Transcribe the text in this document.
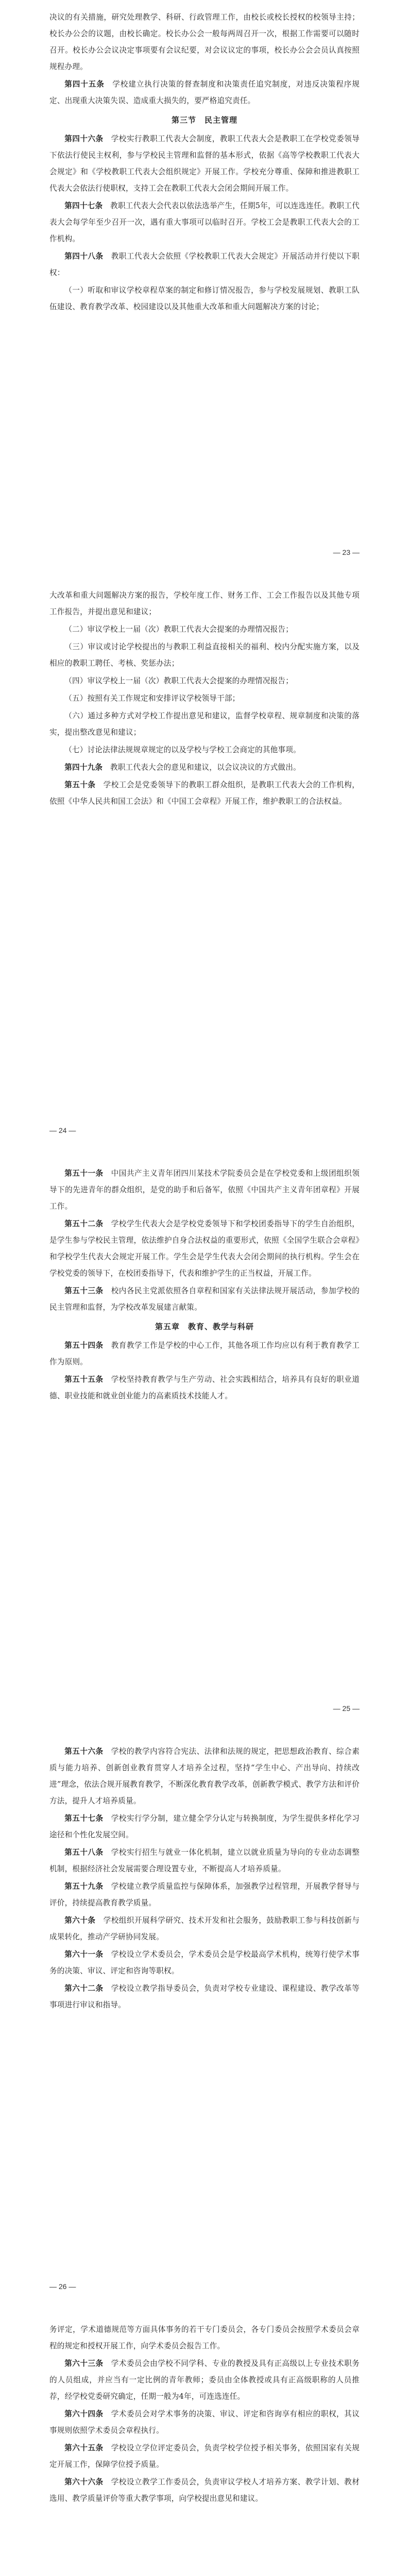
决议的有关措施，研究处理教学、科研、行政管理工作，由校长或校长授权的校领导主持；校长办公会的议题，由校长确定。校长办公会一般每两周召开一次，根据工作需要可以随时召开。校长办公会议决定事项要有会议纪要，对会议议定的事项，校长办公会会员认真按照规程办理。

第四十五条　 学校建立执行决策的督查制度和决策责任追究制度，对违反决策程序规定、出现重大决策失误、造成重大损失的，要严格追究责任。

第三节　民主管理

第四十六条　 学校实行教职工代表大会制度，教职工代表大会是教职工在学校党委领导下依法行使民主权利，参与学校民主管理和监督的基本形式，依据《高等学校教职工代表大会规定》和《学校教职工代表大会组织规定》开展工作。学校充分尊重、保障和推进教职工代表大会依法行使职权，支持工会在教职工代表大会闭会期间开展工作。

第四十七条　 教职工代表大会代表以依法选举产生，任期5年，可以连选连任。教职工代表大会每学年至少召开一次，遇有重大事项可以临时召开。学校工会是教职工代表大会的工作机构。

第四十八条　 教职工代表大会依照《学校教职工代表大会规定》开展活动并行使以下职权：

（一）听取和审议学校章程草案的制定和修订情况报告，参与学校发展规划、教职工队伍建设、教育教学改革、校园建设以及其他重大改革和重大问题解决方案的讨论；

— 23 —

大改革和重大问题解决方案的报告，学校年度工作、财务工作、工会工作报告以及其他专项工作报告，并提出意见和建议；

（二）审议学校上一届（次）教职工代表大会提案的办理情况报告；

（三）审议或讨论学校提出的与教职工利益直接相关的福利、校内分配实施方案，以及相应的教职工聘任、考核、奖惩办法；

（四）审议学校上一届（次）教职工代表大会提案的办理情况报告；

（五）按照有关工作规定和安排评议学校领导干部；

（六）通过多种方式对学校工作提出意见和建议，监督学校章程、规章制度和决策的落实，提出整改意见和建议；

（七）讨论法律法规规章规定的以及学校与学校工会商定的其他事项。

第四十九条　 教职工代表大会的意见和建议，以会议决议的方式做出。

第五十条　 学校工会是党委领导下的教职工群众组织，是教职工代表大会的工作机构，依照《中华人民共和国工会法》和《中国工会章程》开展工作，维护教职工的合法权益。

— 24 —

第五十一条　 中国共产主义青年团四川某技术学院委员会是在学校党委和上级团组织领导下的先进青年的群众组织，是党的助手和后备军，依照《中国共产主义青年团章程》开展工作。

第五十二条　 学校学生代表大会是学校党委领导下和学校团委指导下的学生自治组织，是学生参与学校民主管理，依法维护自身合法权益的重要形式，依照《全国学生联合会章程》和学校学生代表大会规定开展工作。学生会是学生代表大会闭会期间的执行机构。学生会在学校党委的领导下，在校团委指导下，代表和维护学生的正当权益，开展工作。

第五十三条　 校内各民主党派依照各自章程和国家有关法律法规开展活动，参加学校的民主管理和监督，为学校改革发展建言献策。

第五章　教育、教学与科研

第五十四条　 教育教学工作是学校的中心工作，其他各项工作均应以有利于教育教学工作为原则。

第五十五条　 学校坚持教育教学与生产劳动、社会实践相结合，培养具有良好的职业道德、职业技能和就业创业能力的高素质技术技能人才。

— 25 —

第五十六条　 学校的教学内容符合宪法、法律和法规的规定，把思想政治教育、综合素质与能力培养、创新创业教育贯穿人才培养全过程，坚持“学生中心、产出导向、持续改进”理念，依法合规开展教育教学，不断深化教育教学改革，创新教学模式、教学方法和评价方法，提升人才培养质量。

第五十七条　 学校实行学分制，建立健全学分认定与转换制度，为学生提供多样化学习途径和个性化发展空间。

第五十八条　 学校实行招生与就业一体化机制，建立以就业质量为导向的专业动态调整机制，根据经济社会发展需要合理设置专业，不断提高人才培养质量。

第五十九条　 学校建立教学质量监控与保障体系，加强教学过程管理，开展教学督导与评价，持续提高教育教学质量。

第六十条　 学校组织开展科学研究、技术开发和社会服务，鼓励教职工参与科技创新与成果转化，推动产学研协同发展。

第六十一条　 学校设立学术委员会，学术委员会是学校最高学术机构，统筹行使学术事务的决策、审议、评定和咨询等职权。

第六十二条　 学校设立教学指导委员会，负责对学校专业建设、课程建设、教学改革等事项进行审议和指导。

— 26 —

务评定，学术道德规范等方面具体事务的若干专门委员会，各专门委员会按照学术委员会章程的规定和授权开展工作，向学术委员会报告工作。

第六十三条　 学术委员会由学校不同学科、专业的教授及具有正高级以上专业技术职务的人员组成，并应当有一定比例的青年教师；委员由全体教授或具有正高级职称的人员推荐，经学校党委研究确定，任期一般为4年，可连选连任。

第六十四条　 学术委员会对学术事务的决策、审议、评定和咨询享有相应的职权，其议事规则依照学术委员会章程执行。

第六十五条　 学校设立学位评定委员会，负责学校学位授予相关事务，依照国家有关规定开展工作，保障学位授予质量。

第六十六条　 学校设立教学工作委员会，负责审议学校人才培养方案、教学计划、教材选用、教学质量评价等重大教学事项，向学校提出意见和建议。
